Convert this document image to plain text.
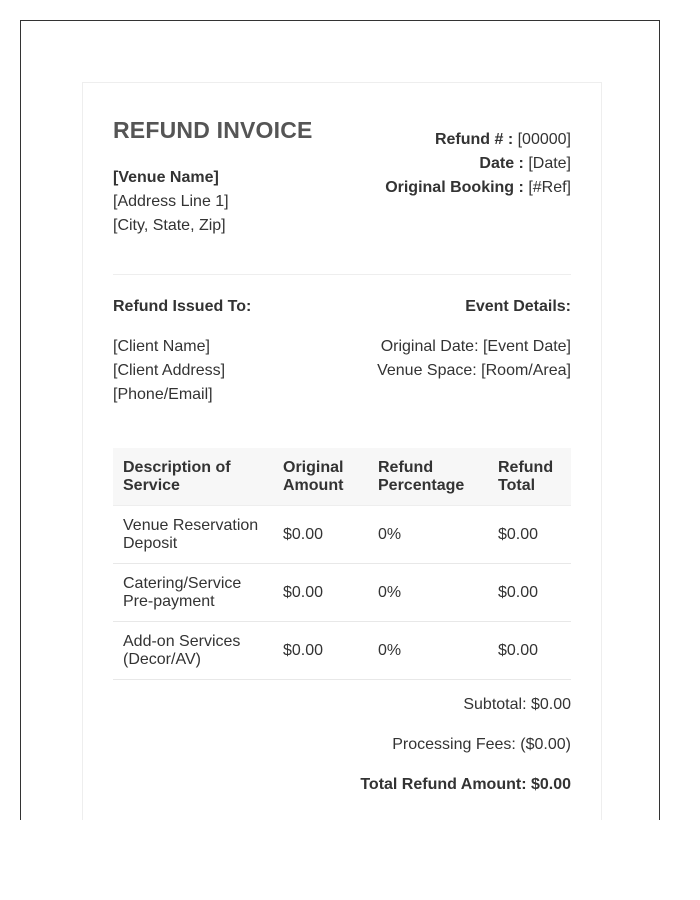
REFUND INVOICE
[Venue Name]
[Address Line 1]
[City, State, Zip]
Refund # : [00000]
Date : [Date]
Original Booking : [#Ref]
Refund Issued To:
[Client Name]
[Client Address]
[Phone/Email]
Event Details:
Original Date: [Event Date]
Venue Space: [Room/Area]
Description of Service	Original Amount	Refund Percentage	Refund Total
Venue Reservation Deposit	$0.00	0%	$0.00
Catering/Service Pre-payment	$0.00	0%	$0.00
Add-on Services (Decor/AV)	$0.00	0%	$0.00
Subtotal: $0.00
Processing Fees: ($0.00)
Total Refund Amount: $0.00
